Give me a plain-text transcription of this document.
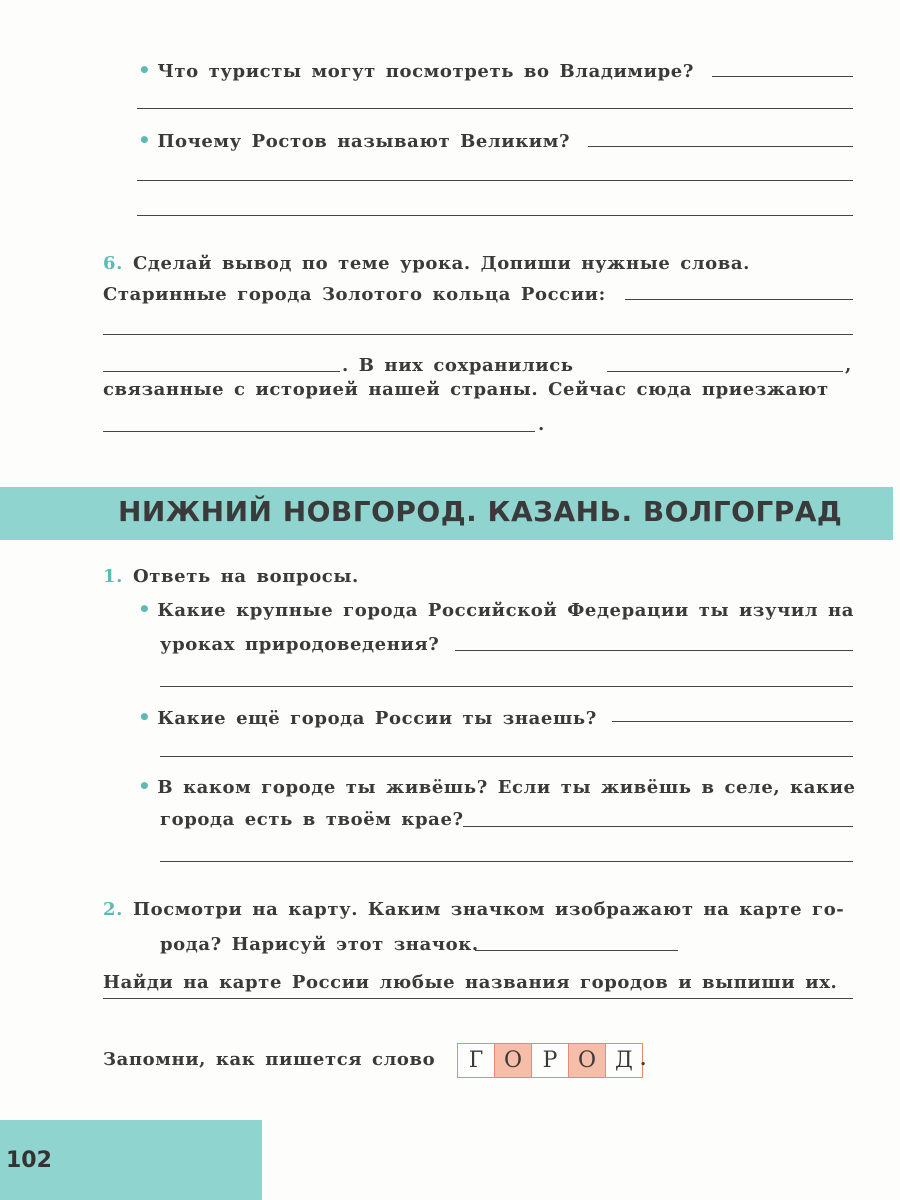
• Что туристы могут посмотреть во Владимире?
• Почему Ростов называют Великим?
6. Сделай вывод по теме урока. Допиши нужные слова.
Старинные города Золотого кольца России:
. В них сохранились	,
связанные с историей нашей страны. Сейчас сюда приезжают
.
НИЖНИЙ НОВГОРОД. КАЗАНЬ. ВОЛГОГРАД
1. Ответь на вопросы.
• Какие крупные города Российской Федерации ты изучил на
уроках природоведения?
• Какие ещё города России ты знаешь?
• В каком городе ты живёшь? Если ты живёшь в селе, какие
города есть в твоём крае?
2. Посмотри на карту. Каким значком изображают на карте го-
рода? Нарисуй этот значок.
Найди на карте России любые названия городов и выпиши их.
Запомни, как пишется слово	Г О Р О Д .
102
